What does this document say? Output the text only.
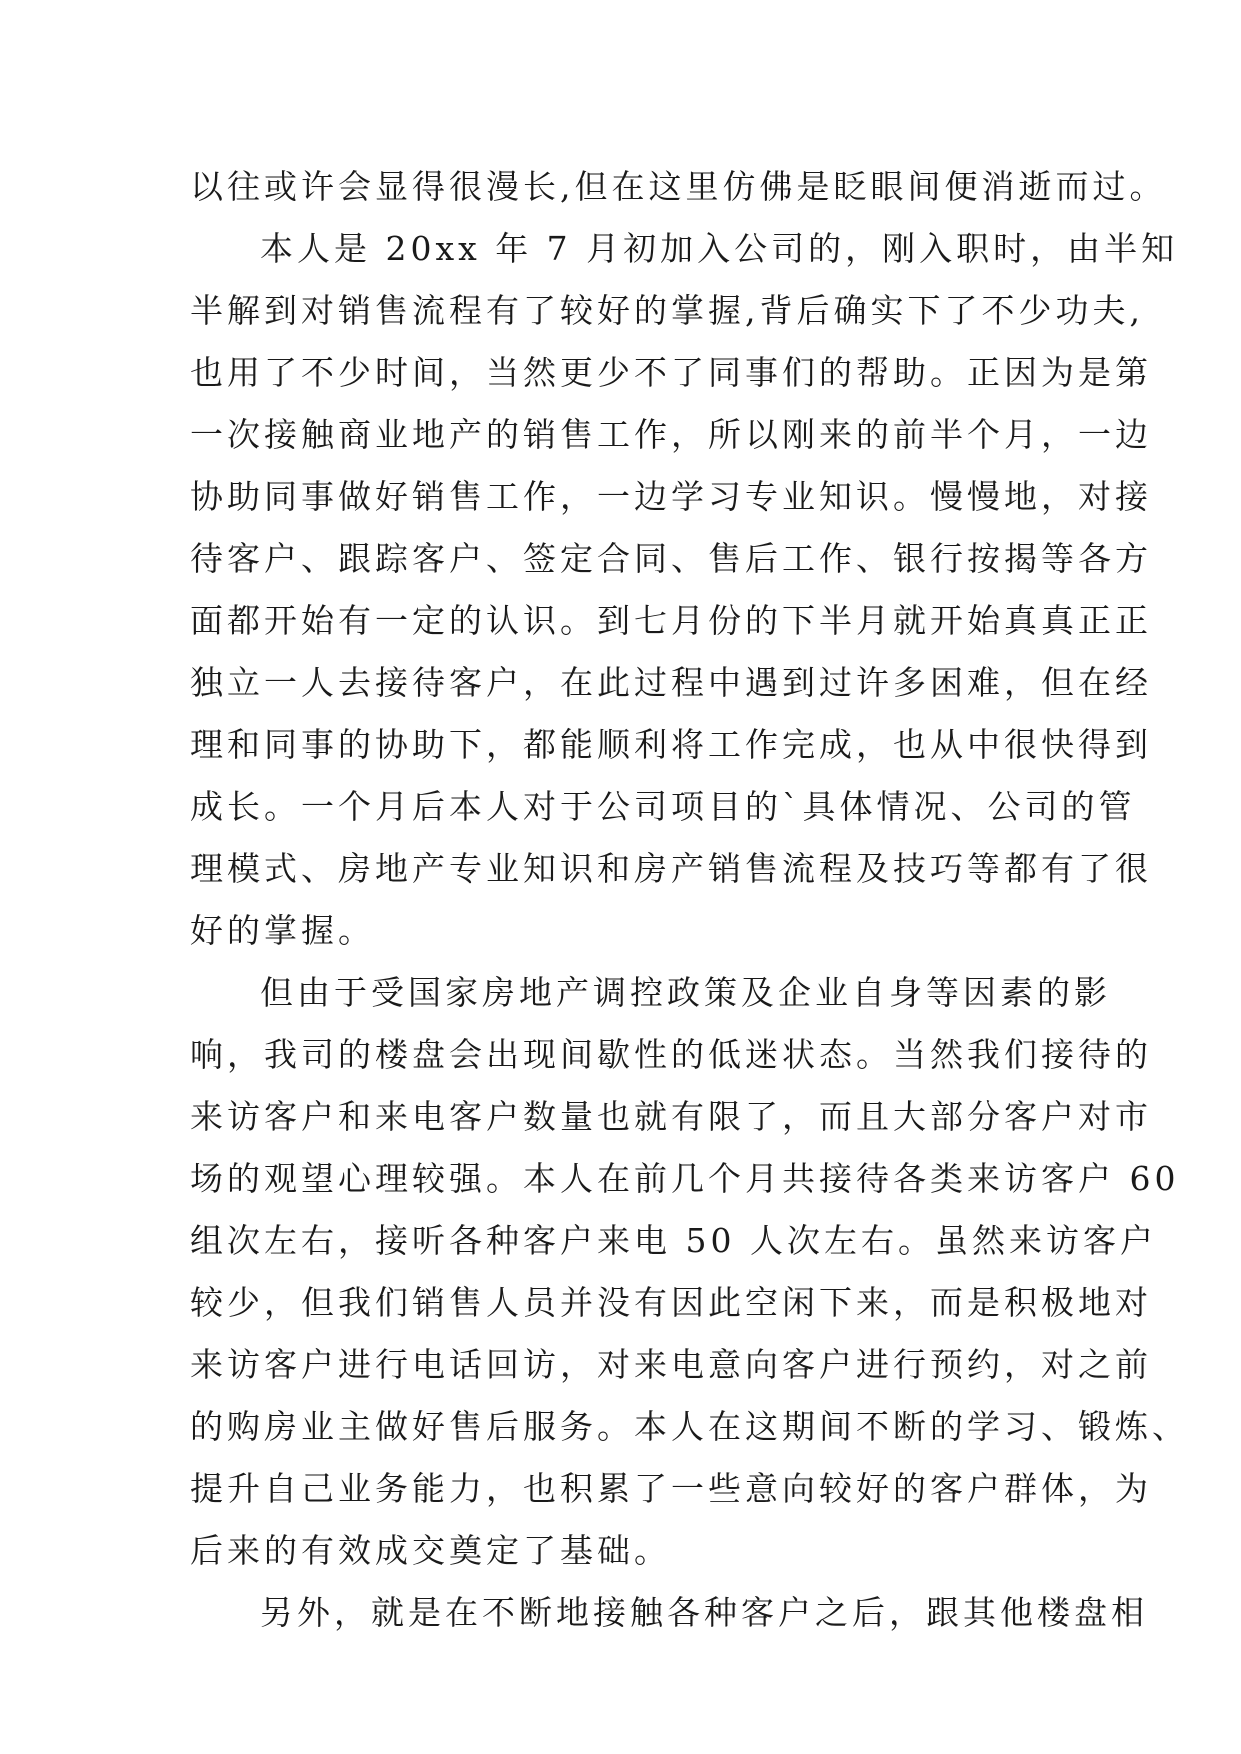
以往或许会显得很漫长,但在这里仿佛是眨眼间便消逝而过。
本人是 20xx 年 7 月初加入公司的，刚入职时，由半知
半解到对销售流程有了较好的掌握,背后确实下了不少功夫,
也用了不少时间，当然更少不了同事们的帮助。正因为是第
一次接触商业地产的销售工作，所以刚来的前半个月，一边
协助同事做好销售工作，一边学习专业知识。慢慢地，对接
待客户、跟踪客户、签定合同、售后工作、银行按揭等各方
面都开始有一定的认识。到七月份的下半月就开始真真正正
独立一人去接待客户，在此过程中遇到过许多困难，但在经
理和同事的协助下，都能顺利将工作完成，也从中很快得到
成长。一个月后本人对于公司项目的`具体情况、公司的管
理模式、房地产专业知识和房产销售流程及技巧等都有了很
好的掌握。
但由于受国家房地产调控政策及企业自身等因素的影
响，我司的楼盘会出现间歇性的低迷状态。当然我们接待的
来访客户和来电客户数量也就有限了，而且大部分客户对市
场的观望心理较强。本人在前几个月共接待各类来访客户 60
组次左右，接听各种客户来电 50 人次左右。虽然来访客户
较少，但我们销售人员并没有因此空闲下来，而是积极地对
来访客户进行电话回访，对来电意向客户进行预约，对之前
的购房业主做好售后服务。本人在这期间不断的学习、锻炼、
提升自己业务能力，也积累了一些意向较好的客户群体，为
后来的有效成交奠定了基础。
另外，就是在不断地接触各种客户之后，跟其他楼盘相
